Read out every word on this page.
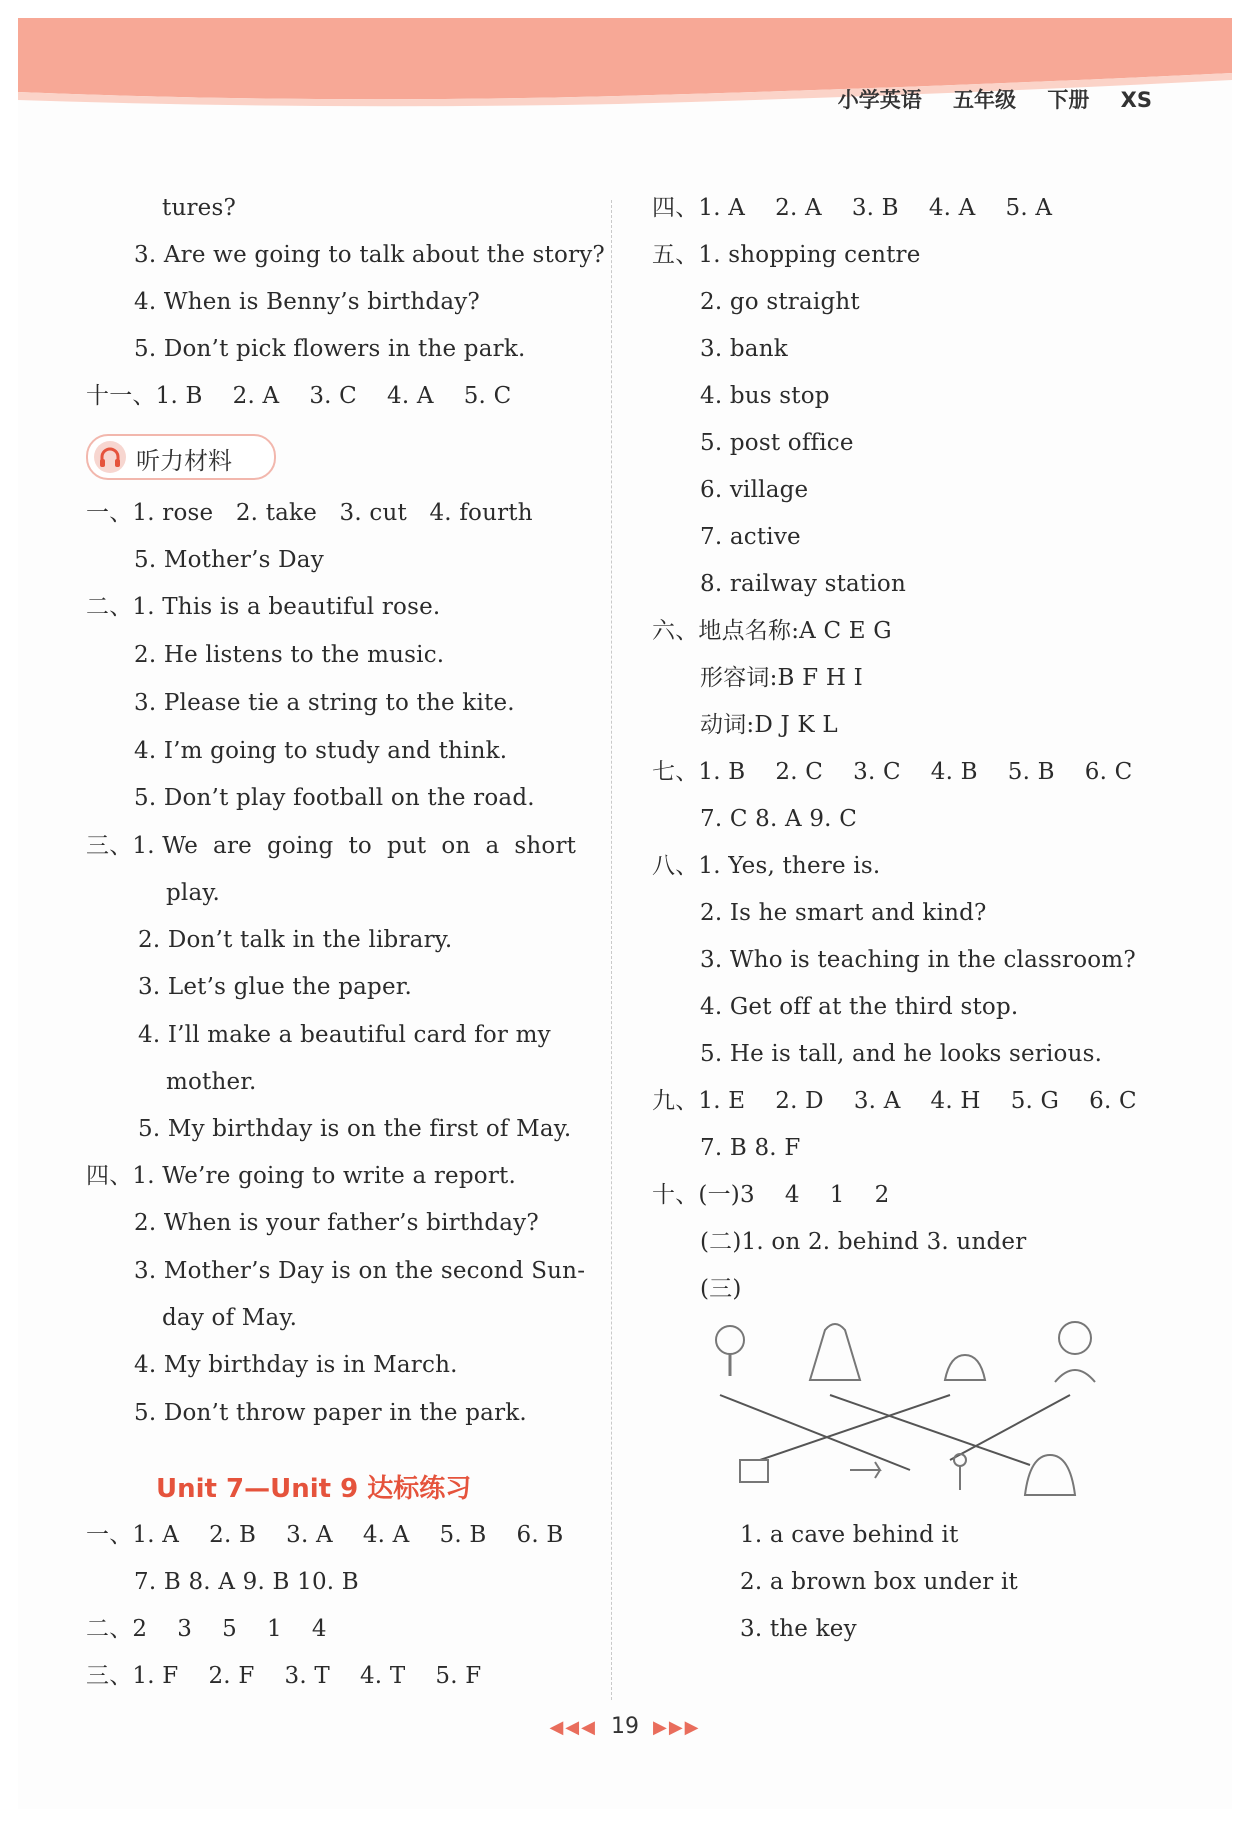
小学英语 五年级 下册 XS
tures?
3. Are we going to talk about the story?
4. When is Benny’s birthday?
5. Don’t pick flowers in the park.
十一、1. B    2. A    3. C    4. A    5. C
听力材料
一、1. rose   2. take   3. cut   4. fourth
5. Mother’s Day
二、1. This is a beautiful rose.
2. He listens to the music.
3. Please tie a string to the kite.
4. I’m going to study and think.
5. Don’t play football on the road.
三、1. We  are  going  to  put  on  a  short
play.
2. Don’t talk in the library.
3. Let’s glue the paper.
4. I’ll make a beautiful card for my
mother.
5. My birthday is on the first of May.
四、1. We’re going to write a report.
2. When is your father’s birthday?
3. Mother’s Day is on the second Sun-
day of May.
4. My birthday is in March.
5. Don’t throw paper in the park.
Unit 7—Unit 9 达标练习
一、1. A    2. B    3. A    4. A    5. B    6. B
7. B 8. A 9. B 10. B
二、2    3    5    1    4
三、1. F    2. F    3. T    4. T    5. F
四、1. A    2. A    3. B    4. A    5. A
五、1. shopping centre
2. go straight
3. bank
4. bus stop
5. post office
6. village
7. active
8. railway station
六、地点名称:A C E G
形容词:B F H I
动词:D J K L
七、1. B    2. C    3. C    4. B    5. B    6. C
7. C 8. A 9. C
八、1. Yes, there is.
2. Is he smart and kind?
3. Who is teaching in the classroom?
4. Get off at the third stop.
5. He is tall, and he looks serious.
九、1. E    2. D    3. A    4. H    5. G    6. C
7. B 8. F
十、(一)3    4    1    2
(二)1. on 2. behind 3. under
(三)
1. a cave behind it
2. a brown box under it
3. the key
◀◀◀ 19 ▶▶▶
